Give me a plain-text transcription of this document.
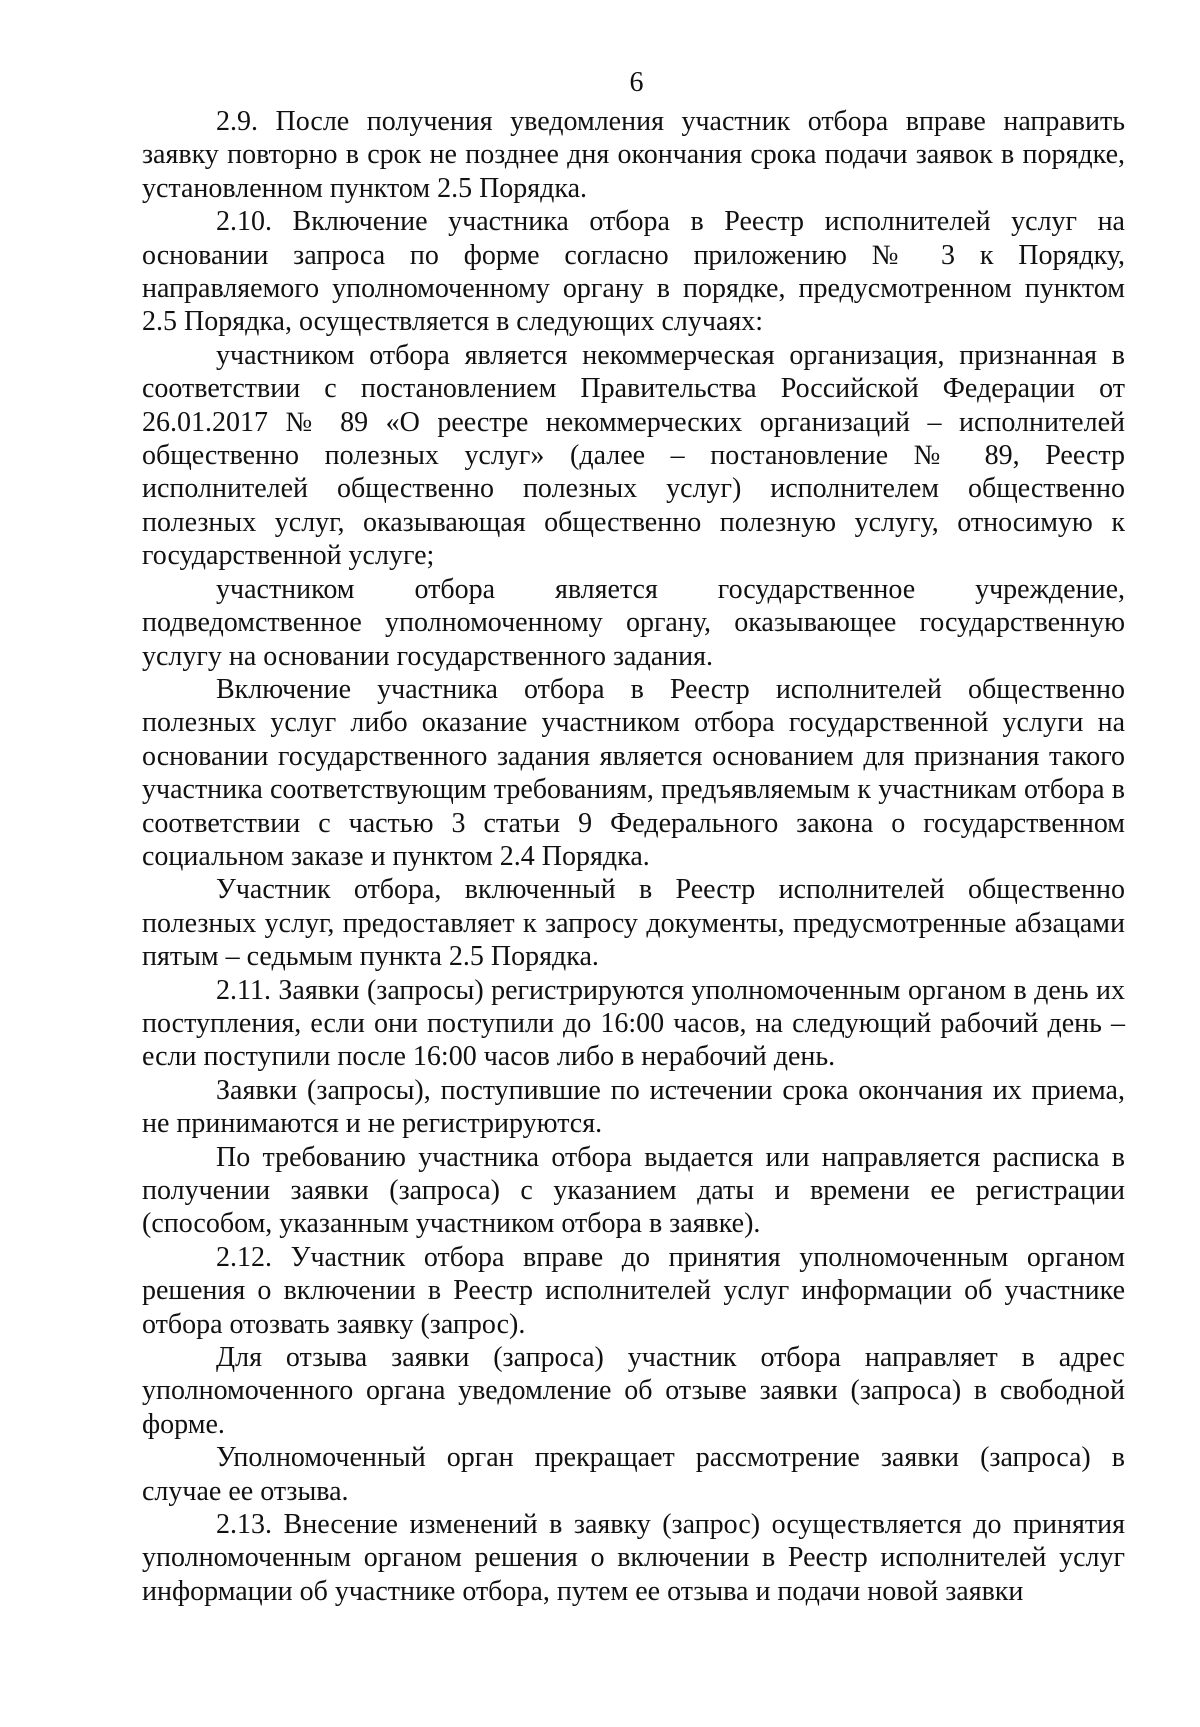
6

2.9. После получения уведомления участник отбора вправе направить заявку повторно в срок не позднее дня окончания срока подачи заявок в порядке, установленном пунктом 2.5 Порядка.

2.10. Включение участника отбора в Реестр исполнителей услуг на основании запроса по форме согласно приложению № 3 к Порядку, направляемого уполномоченному органу в порядке, предусмотренном пунктом 2.5 Порядка, осуществляется в следующих случаях:

участником отбора является некоммерческая организация, признанная в соответствии с постановлением Правительства Российской Федерации от 26.01.2017 № 89 «О реестре некоммерческих организаций – исполнителей общественно полезных услуг» (далее – постановление № 89, Реестр исполнителей общественно полезных услуг) исполнителем общественно полезных услуг, оказывающая общественно полезную услугу, относимую к государственной услуге;

участником отбора является государственное учреждение, подведомственное уполномоченному органу, оказывающее государственную услугу на основании государственного задания.

Включение участника отбора в Реестр исполнителей общественно полезных услуг либо оказание участником отбора государственной услуги на основании государственного задания является основанием для признания такого участника соответствующим требованиям, предъявляемым к участникам отбора в соответствии с частью 3 статьи 9 Федерального закона о государственном социальном заказе и пунктом 2.4 Порядка.

Участник отбора, включенный в Реестр исполнителей общественно полезных услуг, предоставляет к запросу документы, предусмотренные абзацами пятым – седьмым пункта 2.5 Порядка.

2.11. Заявки (запросы) регистрируются уполномоченным органом в день их поступления, если они поступили до 16:00 часов, на следующий рабочий день – если поступили после 16:00 часов либо в нерабочий день.

Заявки (запросы), поступившие по истечении срока окончания их приема, не принимаются и не регистрируются.

По требованию участника отбора выдается или направляется расписка в получении заявки (запроса) с указанием даты и времени ее регистрации (способом, указанным участником отбора в заявке).

2.12. Участник отбора вправе до принятия уполномоченным органом решения о включении в Реестр исполнителей услуг информации об участнике отбора отозвать заявку (запрос).

Для отзыва заявки (запроса) участник отбора направляет в адрес уполномоченного органа уведомление об отзыве заявки (запроса) в свободной форме.

Уполномоченный орган прекращает рассмотрение заявки (запроса) в случае ее отзыва.

2.13. Внесение изменений в заявку (запрос) осуществляется до принятия уполномоченным органом решения о включении в Реестр исполнителей услуг информации об участнике отбора, путем ее отзыва и подачи новой заявки
